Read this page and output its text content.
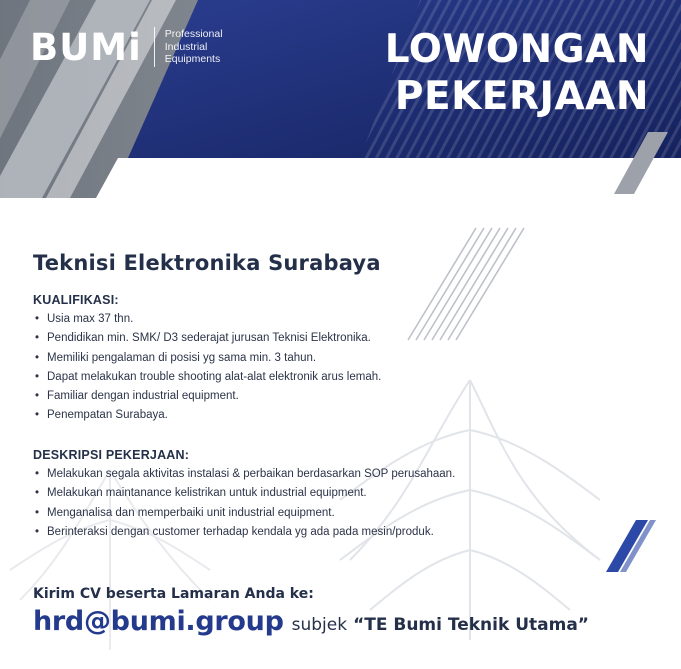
BUMi Professional
Industrial
Equipments	LOWONGAN
PEKERJAAN
Teknisi Elektronika Surabaya
KUALIFIKASI:
• Usia max 37 thn.
• Pendidikan min. SMK/ D3 sederajat jurusan Teknisi Elektronika.
• Memiliki pengalaman di posisi yg sama min. 3 tahun.
• Dapat melakukan trouble shooting alat-alat elektronik arus lemah.
• Familiar dengan industrial equipment.
• Penempatan Surabaya.
DESKRIPSI PEKERJAAN:
• Melakukan segala aktivitas instalasi & perbaikan berdasarkan SOP perusahaan.
• Melakukan maintanance kelistrikan untuk industrial equipment.
• Menganalisa dan memperbaiki unit industrial equipment.
• Berinteraksi dengan customer terhadap kendala yg ada pada mesin/produk.
Kirim CV beserta Lamaran Anda ke:
hrd@bumi.group subjek “TE Bumi Teknik Utama”
